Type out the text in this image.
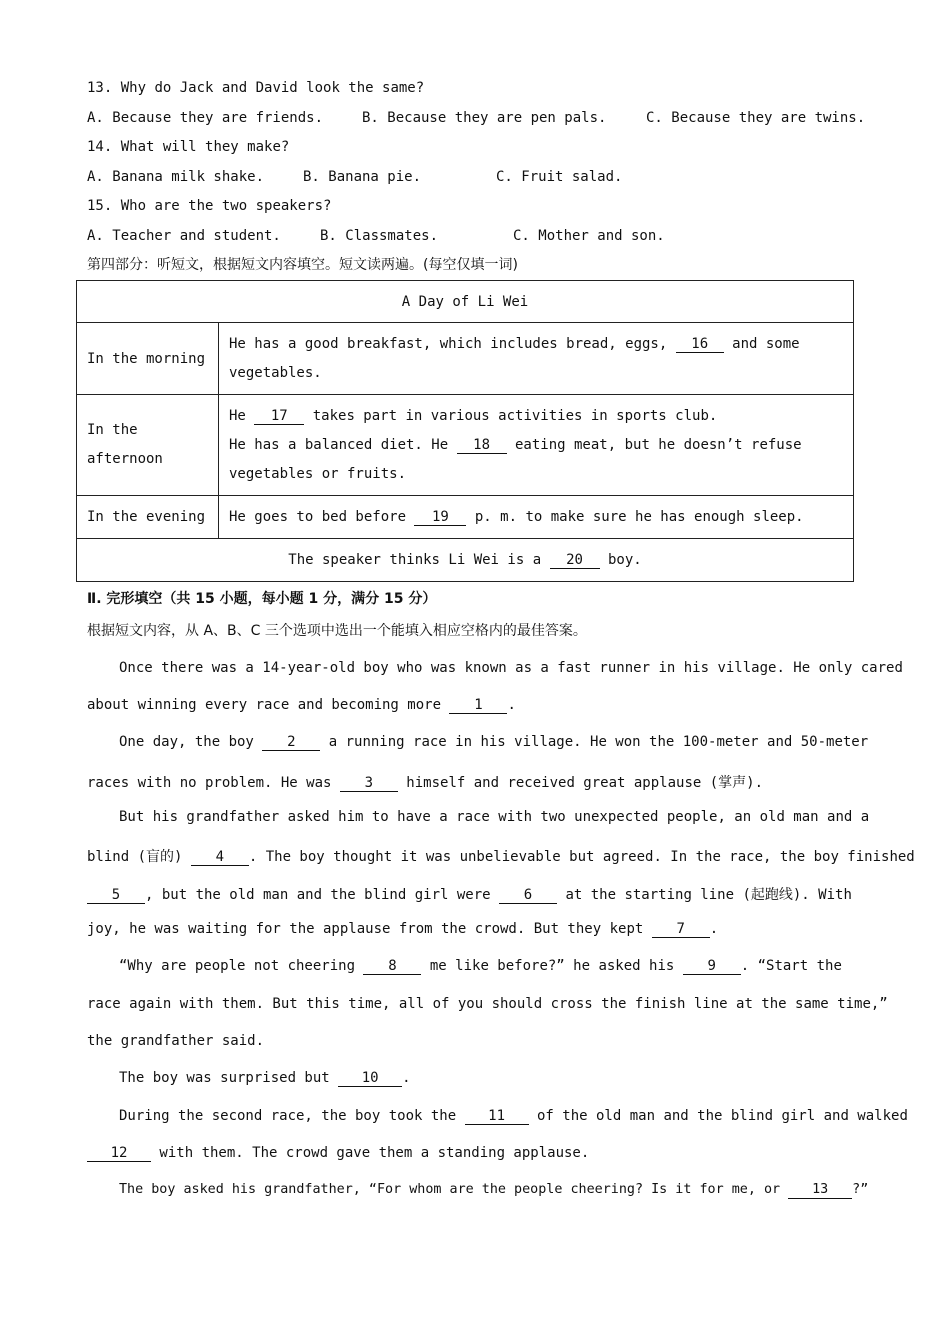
13. Why do Jack and David look the same?
A. Because they are friends.	B. Because they are pen pals.	C. Because they are twins.
14. What will they make?
A. Banana milk shake.	B. Banana pie.	C. Fruit salad.
15. Who are the two speakers?
A. Teacher and student.	B. Classmates.	C. Mother and son.
第四部分：听短文，根据短文内容填空。短文读两遍。(每空仅填一词)
A Day of Li Wei	
In the morning	He has a good breakfast, which includes bread, eggs, 16 and some
vegetables.
In the
afternoon	He 17 takes part in various activities in sports club.
He has a balanced diet. He 18 eating meat, but he doesn’t refuse
vegetables or fruits.
In the evening	He goes to bed before 19 p. m. to make sure he has enough sleep.
The speaker thinks Li Wei is a 20 boy.	
Ⅱ. 完形填空（共 15 小题，每小题 1 分，满分 15 分）
根据短文内容，从 A、B、C 三个选项中选出一个能填入相应空格内的最佳答案。
Once there was a 14-year-old boy who was known as a fast runner in his village. He only cared
about winning every race and becoming more 1 .
One day, the boy 2 a running race in his village. He won the 100-meter and 50-meter
races with no problem. He was 3 himself and received great applause (掌声).
But his grandfather asked him to have a race with two unexpected people, an old man and a
blind (盲的) 4 . The boy thought it was unbelievable but agreed. In the race, the boy finished
5 , but the old man and the blind girl were 6 at the starting line (起跑线). With
joy, he was waiting for the applause from the crowd. But they kept 7 .
“Why are people not cheering 8 me like before?” he asked his 9 . “Start the
race again with them. But this time, all of you should cross the finish line at the same time,”
the grandfather said.
The boy was surprised but 10 .
During the second race, the boy took the 11 of the old man and the blind girl and walked
12 with them. The crowd gave them a standing applause.
The boy asked his grandfather, “For whom are the people cheering? Is it for me, or 13 ?”
